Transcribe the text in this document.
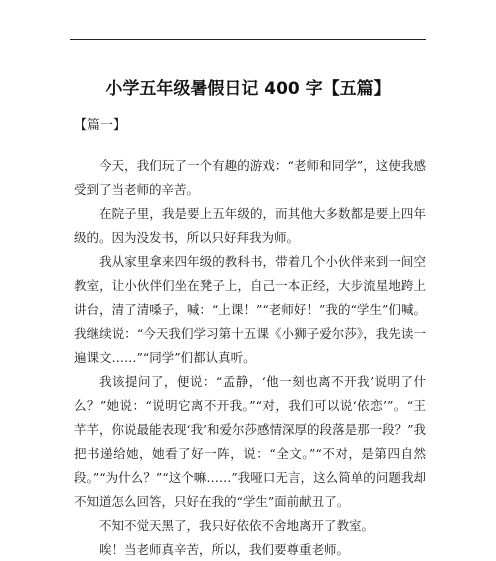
小学五年级暑假日记 400 字【五篇】
【篇一】

今天，我们玩了一个有趣的游戏：“老师和同学”，这使我感受到了当老师的辛苦。

在院子里，我是要上五年级的，而其他大多数都是要上四年级的。因为没发书，所以只好拜我为师。

我从家里拿来四年级的教科书，带着几个小伙伴来到一间空教室，让小伙伴们坐在凳子上，自己一本正经，大步流星地跨上讲台，清了清嗓子，喊：“上课！”“老师好！”我的“学生”们喊。我继续说：“今天我们学习第十五课《小狮子爱尔莎》，我先读一遍课文……”“同学”们都认真听。

我该提问了，便说：“孟静，‘他一刻也离不开我’说明了什么？”她说：“说明它离不开我。”“对，我们可以说‘依恋’”。“王芊芊，你说最能表现‘我’和爱尔莎感情深厚的段落是那一段？”我把书递给她，她看了好一阵，说：“全文。”“不对，是第四自然段。”“为什么？”“这个嘛……”我哑口无言，这么简单的问题我却不知道怎么回答，只好在我的“学生”面前献丑了。

不知不觉天黑了，我只好依依不舍地离开了教室。

唉！当老师真辛苦，所以，我们要尊重老师。
